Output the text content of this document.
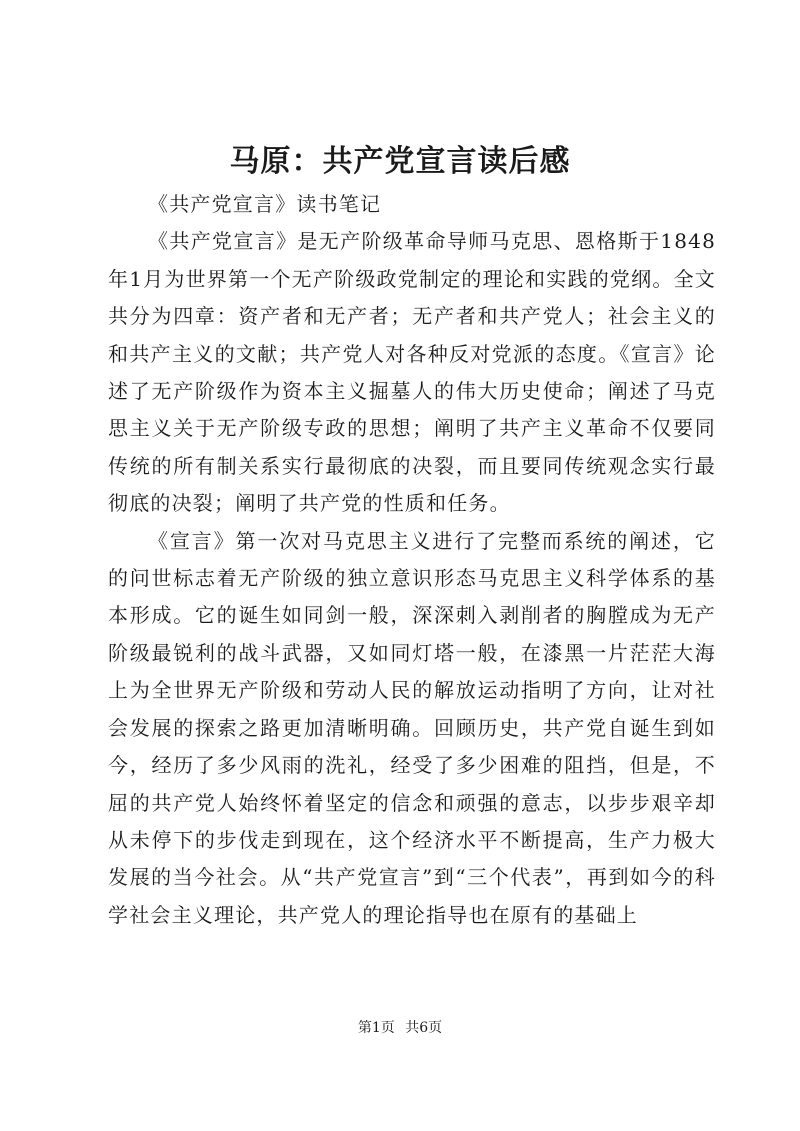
马原：共产党宣言读后感

《共产党宣言》读书笔记

《共产党宣言》是无产阶级革命导师马克思、恩格斯于1848年1月为世界第一个无产阶级政党制定的理论和实践的党纲。全文共分为四章：资产者和无产者；无产者和共产党人；社会主义的和共产主义的文献；共产党人对各种反对党派的态度。《宣言》论述了无产阶级作为资本主义掘墓人的伟大历史使命；阐述了马克思主义关于无产阶级专政的思想；阐明了共产主义革命不仅要同传统的所有制关系实行最彻底的决裂，而且要同传统观念实行最彻底的决裂；阐明了共产党的性质和任务。

《宣言》第一次对马克思主义进行了完整而系统的阐述，它的问世标志着无产阶级的独立意识形态马克思主义科学体系的基本形成。它的诞生如同剑一般，深深刺入剥削者的胸膛成为无产阶级最锐利的战斗武器，又如同灯塔一般，在漆黑一片茫茫大海上为全世界无产阶级和劳动人民的解放运动指明了方向，让对社会发展的探索之路更加清晰明确。回顾历史，共产党自诞生到如今，经历了多少风雨的洗礼，经受了多少困难的阻挡，但是，不屈的共产党人始终怀着坚定的信念和顽强的意志，以步步艰辛却从未停下的步伐走到现在，这个经济水平不断提高，生产力极大发展的当今社会。从“共产党宣言”到“三个代表”，再到如今的科学社会主义理论，共产党人的理论指导也在原有的基础上

第1页 共6页
